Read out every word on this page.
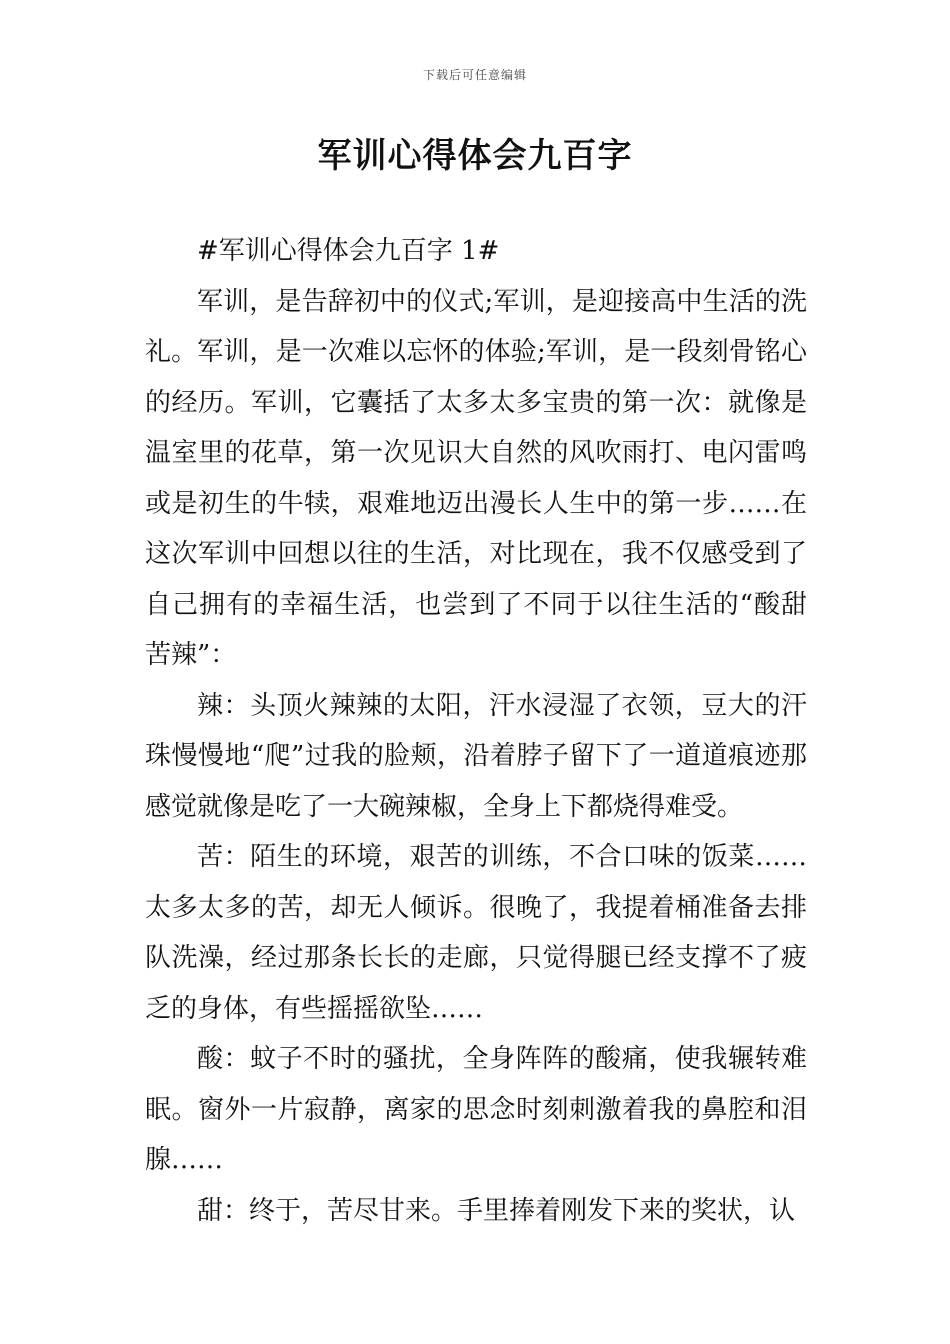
下载后可任意编辑
军训心得体会九百字

#军训心得体会九百字 1#

军训，是告辞初中的仪式;军训，是迎接高中生活的洗礼。军训，是一次难以忘怀的体验;军训，是一段刻骨铭心的经历。军训，它囊括了太多太多宝贵的第一次：就像是温室里的花草，第一次见识大自然的风吹雨打、电闪雷鸣或是初生的牛犊，艰难地迈出漫长人生中的第一步……在这次军训中回想以往的生活，对比现在，我不仅感受到了自己拥有的幸福生活，也尝到了不同于以往生活的“酸甜苦辣”：

辣：头顶火辣辣的太阳，汗水浸湿了衣领，豆大的汗珠慢慢地“爬”过我的脸颊，沿着脖子留下了一道道痕迹那感觉就像是吃了一大碗辣椒，全身上下都烧得难受。

苦：陌生的环境，艰苦的训练，不合口味的饭菜……太多太多的苦，却无人倾诉。很晚了，我提着桶准备去排队洗澡，经过那条长长的走廊，只觉得腿已经支撑不了疲乏的身体，有些摇摇欲坠……

酸：蚊子不时的骚扰，全身阵阵的酸痛，使我辗转难眠。窗外一片寂静，离家的思念时刻刺激着我的鼻腔和泪腺……

甜：终于，苦尽甘来。手里捧着刚发下来的奖状，认
